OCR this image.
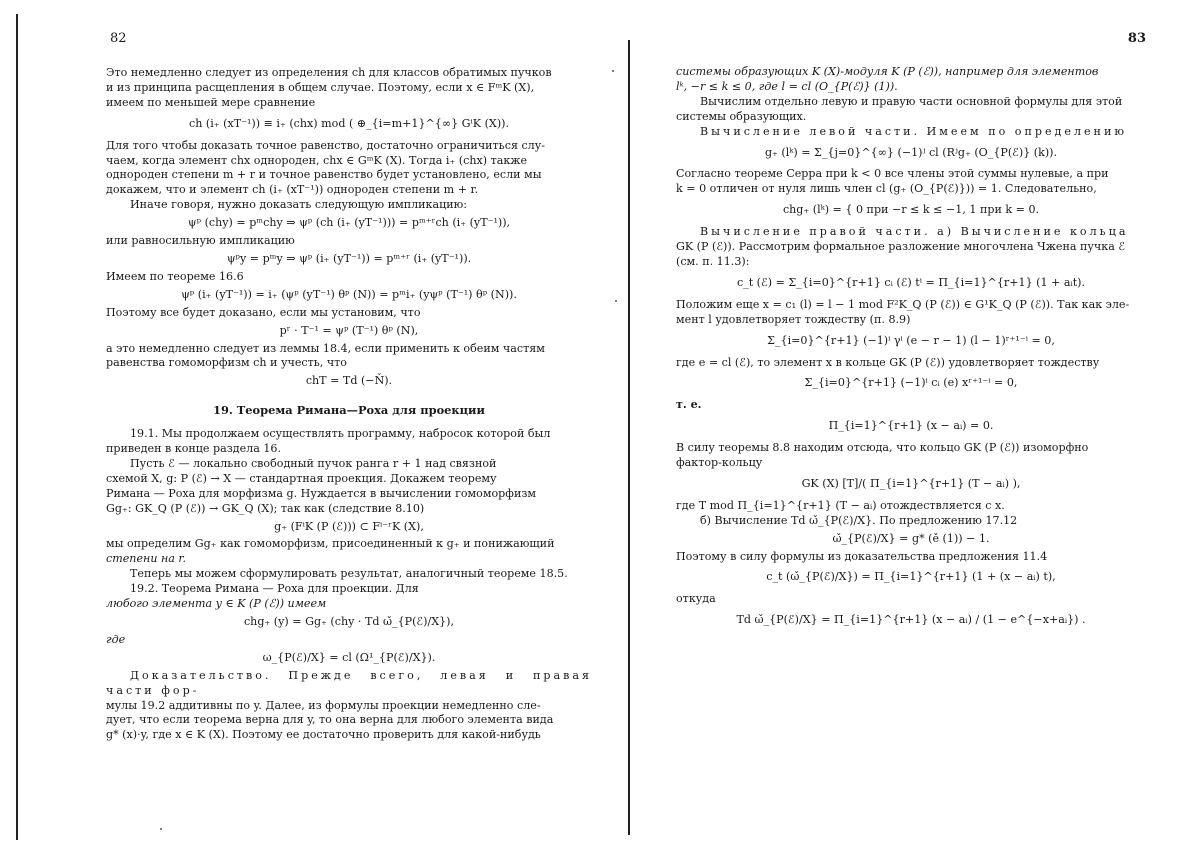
82

Это немедленно следует из определения ch для классов обратимых пучков

и из принципа расщепления в общем случае. Поэтому, если x ∈ FᵐK (X),

имеем по меньшей мере сравнение

ch (i₊ (xT⁻¹)) ≡ i₊ (chx) mod ( ⊕_{i=m+1}^{∞} GⁱK (X)).

Для того чтобы доказать точное равенство, достаточно ограничиться слу-

чаем, когда элемент chx однороден, chx ∈ GᵐK (X). Тогда i₊ (chx) также

однороден степени m + r и точное равенство будет установлено, если мы

докажем, что и элемент ch (i₊ (xT⁻¹)) однороден степени m + r.

Иначе говоря, нужно доказать следующую импликацию:

ψᵖ (chy) = pᵐchy ⇒ ψᵖ (ch (i₊ (yT⁻¹))) = pᵐ⁺ʳch (i₊ (yT⁻¹)),

или равносильную импликацию

ψᵖy = pᵐy ⇒ ψᵖ (i₊ (yT⁻¹)) = pᵐ⁺ʳ (i₊ (yT⁻¹)).

Имеем по теореме 16.6

ψᵖ (i₊ (yT⁻¹)) = i₊ (ψᵖ (yT⁻¹) θᵖ (N)) = pᵐi₊ (yψᵖ (T⁻¹) θᵖ (N)).

Поэтому все будет доказано, если мы установим, что

pʳ · T⁻¹ = ψᵖ (T⁻¹) θᵖ (N),

а это немедленно следует из леммы 18.4, если применить к обеим частям

равенства гомоморфизм ch и учесть, что

chT = Td (−Ň).

19. Теорема Римана—Роха для проекции

19.1. Мы продолжаем осуществлять программу, набросок которой был

приведен в конце раздела 16.

Пусть ℰ — локально свободный пучок ранга r + 1 над связной

схемой X, g: P (ℰ) → X — стандартная проекция. Докажем теорему

Римана — Роха для морфизма g. Нуждается в вычислении гомоморфизм

Gg₊: GK_Q (P (ℰ)) → GK_Q (X); так как (следствие 8.10)

g₊ (FⁱK (P (ℰ))) ⊂ Fⁱ⁻ʳK (X),

мы определим Gg₊ как гомоморфизм, присоединенный к g₊ и понижающий

степени на r.

Теперь мы можем сформулировать результат, аналогичный теореме 18.5.

19.2. Теорема Римана — Роха для проекции. Для

любого элемента y ∈ K (P (ℰ)) имеем

chg₊ (y) = Gg₊ (chy · Td ω̌_{P(ℰ)/X}),

где

ω_{P(ℰ)/X} = cl (Ω¹_{P(ℰ)/X}).

Доказательство. Прежде всего, левая и правая части фор-

мулы 19.2 аддитивны по y. Далее, из формулы проекции немедленно сле-

дует, что если теорема верна для y, то она верна для любого элемента вида

g* (x)·y, где x ∈ K (X). Поэтому ее достаточно проверить для какой-нибудь

83

системы образующих K (X)-модуля K (P (ℰ)), например для элементов

lᵏ, −r ≤ k ≤ 0, где l = cl (O_{P(ℰ)} (1)).

Вычислим отдельно левую и правую части основной формулы для этой

системы образующих.

Вычисление левой части. Имеем по определению

g₊ (lᵏ) = Σ_{j=0}^{∞} (−1)ʲ cl (Rʲg₊ (O_{P(ℰ)} (k)).

Согласно теореме Серра при k < 0 все члены этой суммы нулевые, а при

k = 0 отличен от нуля лишь член cl (g₊ (O_{P(ℰ)})) = 1. Следовательно,

chg₊ (lᵏ) = { 0 при −r ≤ k ≤ −1, 1 при k = 0.

Вычисление правой части. а) Вычисление кольца

GK (P (ℰ)). Рассмотрим формальное разложение многочлена Чжена пучка ℰ

(см. п. 11.3):

c_t (ℰ) = Σ_{i=0}^{r+1} cᵢ (ℰ) tⁱ = Π_{i=1}^{r+1} (1 + aᵢt).

Положим еще x = c₁ (l) = l − 1 mod F²K_Q (P (ℰ)) ∈ G¹K_Q (P (ℰ)). Так как эле-

мент l удовлетворяет тождеству (п. 8.9)

Σ_{i=0}^{r+1} (−1)ⁱ γⁱ (e − r − 1) (l − 1)ʳ⁺¹⁻ⁱ = 0,

где e = cl (ℰ), то элемент x в кольце GK (P (ℰ)) удовлетворяет тождеству

Σ_{i=0}^{r+1} (−1)ⁱ cᵢ (e) xʳ⁺¹⁻ⁱ = 0,

т. е.

Π_{i=1}^{r+1} (x − aᵢ) = 0.

В силу теоремы 8.8 находим отсюда, что кольцо GK (P (ℰ)) изоморфно

фактор-кольцу

GK (X) [T]/( Π_{i=1}^{r+1} (T − aᵢ) ),

где T mod Π_{i=1}^{r+1} (T − aᵢ) отождествляется с x.

б) Вычисление Td ω̌_{P(ℰ)/X}. По предложению 17.12

ω̌_{P(ℰ)/X} = g* (ě (1)) − 1.

Поэтому в силу формулы из доказательства предложения 11.4

c_t (ω̌_{P(ℰ)/X}) = Π_{i=1}^{r+1} (1 + (x − aᵢ) t),

откуда

Td ω̌_{P(ℰ)/X} = Π_{i=1}^{r+1} (x − aᵢ) / (1 − e^{−x+aᵢ}) .
